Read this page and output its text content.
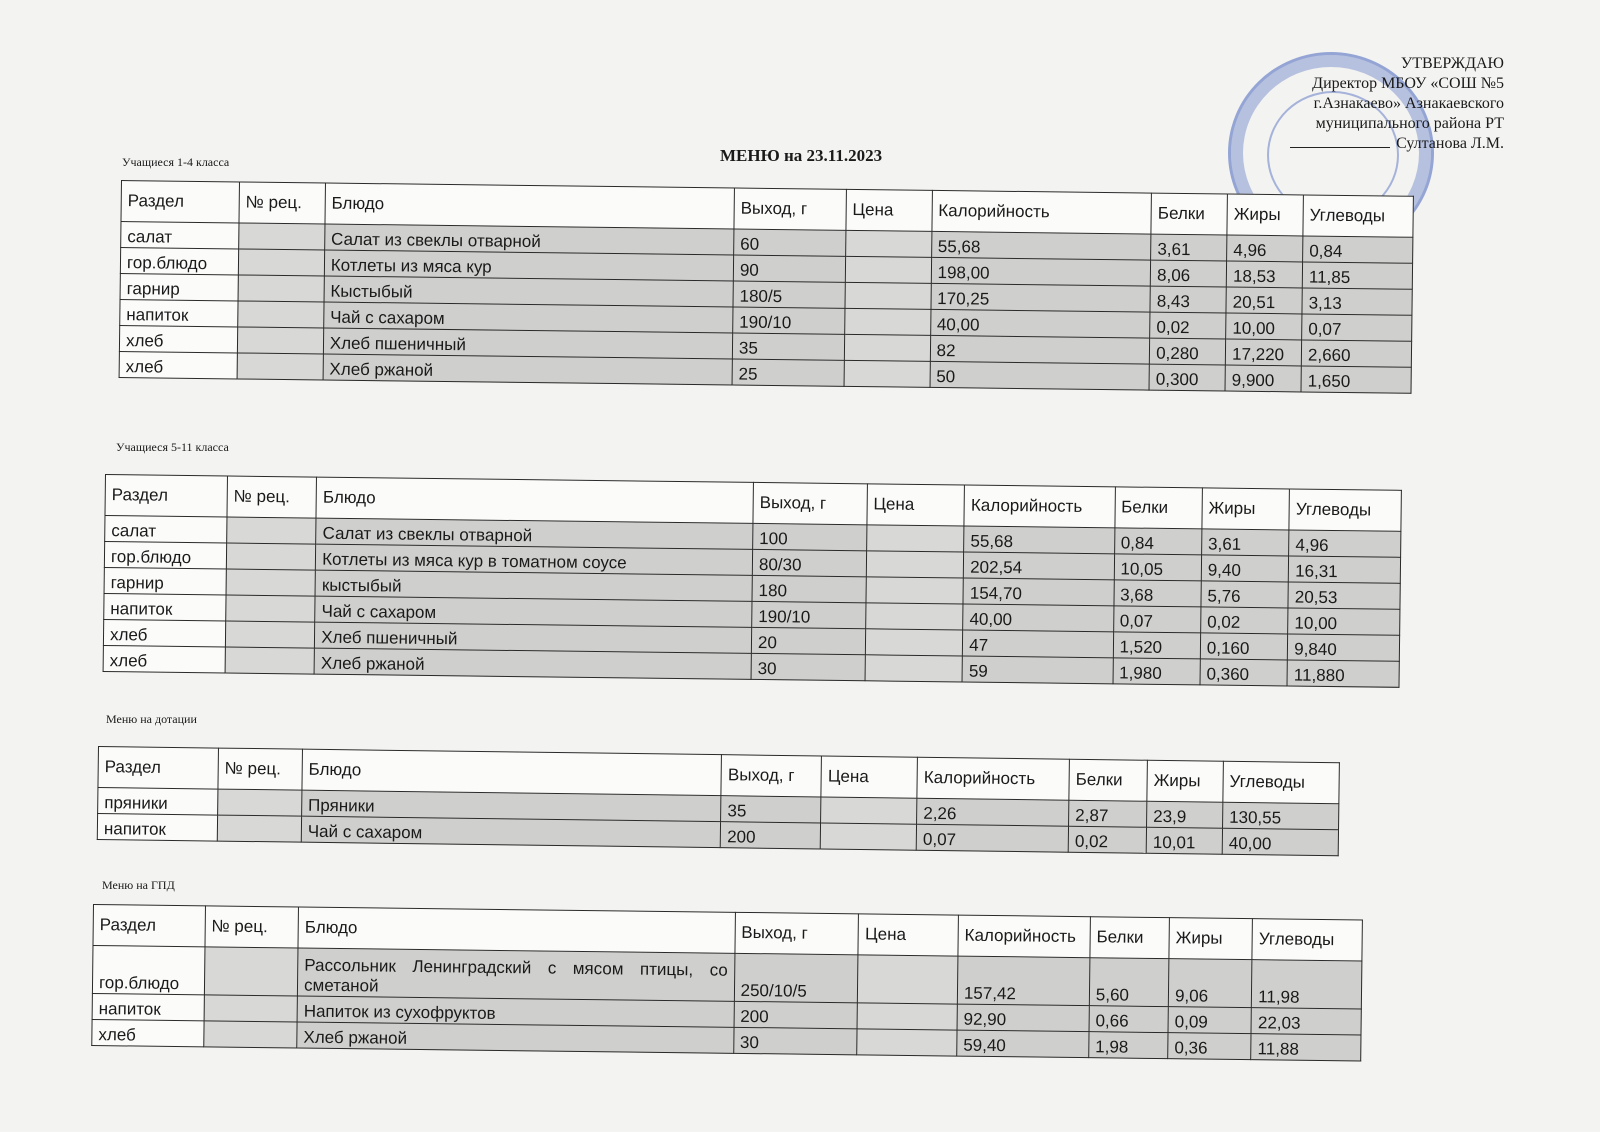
УТВЕРЖДАЮ
Директор МБОУ «СОШ №5
г.Азнакаево» Азнакаевского
муниципального района РТ
Султанова Л.М.
МЕНЮ на 23.11.2023
Учащиеся 1-4 класса
Учащиеся 5-11 класса
Меню на дотации
Меню на ГПД
Раздел	№ рец.	Блюдо	Выход, г	Цена	Калорийность	Белки	Жиры	Углеводы
салат		Салат из свеклы отварной	60		55,68	3,61	4,96	0,84
гор.блюдо		Котлеты из мяса кур	90		198,00	8,06	18,53	11,85
гарнир		Кыстыбый	180/5		170,25	8,43	20,51	3,13
напиток		Чай с сахаром	190/10		40,00	0,02	10,00	0,07
хлеб		Хлеб пшеничный	35		82	0,280	17,220	2,660
хлеб		Хлеб ржаной	25		50	0,300	9,900	1,650
Раздел	№ рец.	Блюдо	Выход, г	Цена	Калорийность	Белки	Жиры	Углеводы
салат		Салат из свеклы отварной	100		55,68	0,84	3,61	4,96
гор.блюдо		Котлеты из мяса кур в томатном соусе	80/30		202,54	10,05	9,40	16,31
гарнир		кыстыбый	180		154,70	3,68	5,76	20,53
напиток		Чай с сахаром	190/10		40,00	0,07	0,02	10,00
хлеб		Хлеб пшеничный	20		47	1,520	0,160	9,840
хлеб		Хлеб ржаной	30		59	1,980	0,360	11,880
Раздел	№ рец.	Блюдо	Выход, г	Цена	Калорийность	Белки	Жиры	Углеводы
пряники		Пряники	35		2,26	2,87	23,9	130,55
напиток		Чай с сахаром	200		0,07	0,02	10,01	40,00
Раздел	№ рец.	Блюдо	Выход, г	Цена	Калорийность	Белки	Жиры	Углеводы
гор.блюдо		Рассольник Ленинградский с мясом птицы, со сметаной	250/10/5		157,42	5,60	9,06	11,98
напиток		Напиток из сухофруктов	200		92,90	0,66	0,09	22,03
хлеб		Хлеб ржаной	30		59,40	1,98	0,36	11,88
